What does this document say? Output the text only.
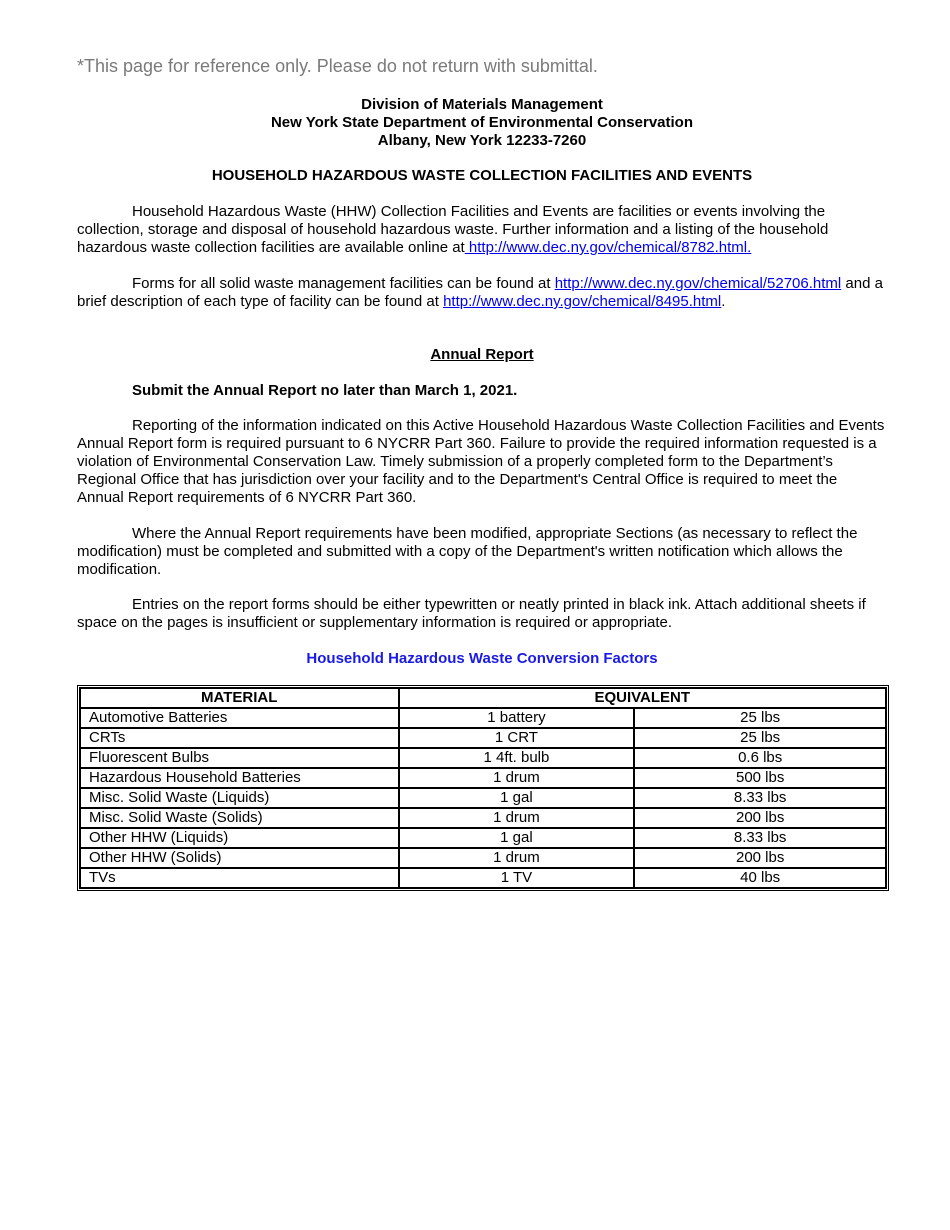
*This page for reference only. Please do not return with submittal.
Division of Materials Management
New York State Department of Environmental Conservation
Albany, New York 12233-7260
HOUSEHOLD HAZARDOUS WASTE COLLECTION FACILITIES AND EVENTS

Household Hazardous Waste (HHW) Collection Facilities and Events are facilities or events involving the collection, storage and disposal of household hazardous waste. Further information and a listing of the household hazardous waste collection facilities are available online at http://www.dec.ny.gov/chemical/8782.html.

Forms for all solid waste management facilities can be found at http://www.dec.ny.gov/chemical/52706.html and a brief description of each type of facility can be found at http://www.dec.ny.gov/chemical/8495.html.

Annual Report
Submit the Annual Report no later than March 1, 2021.

Reporting of the information indicated on this Active Household Hazardous Waste Collection Facilities and Events Annual Report form is required pursuant to 6 NYCRR Part 360. Failure to provide the required information requested is a violation of Environmental Conservation Law. Timely submission of a properly completed form to the Department’s Regional Office that has jurisdiction over your facility and to the Department's Central Office is required to meet the Annual Report requirements of 6 NYCRR Part 360.

Where the Annual Report requirements have been modified, appropriate Sections (as necessary to reflect the modification) must be completed and submitted with a copy of the Department's written notification which allows the modification.

Entries on the report forms should be either typewritten or neatly printed in black ink. Attach additional sheets if space on the pages is insufficient or supplementary information is required or appropriate.

Household Hazardous Waste Conversion Factors
MATERIAL	EQUIVALENT	
Automotive Batteries	1 battery	25 lbs
CRTs	1 CRT	25 lbs
Fluorescent Bulbs	1 4ft. bulb	0.6 lbs
Hazardous Household Batteries	1 drum	500 lbs
Misc. Solid Waste (Liquids)	1 gal	8.33 lbs
Misc. Solid Waste (Solids)	1 drum	200 lbs
Other HHW (Liquids)	1 gal	8.33 lbs
Other HHW (Solids)	1 drum	200 lbs
TVs	1 TV	40 lbs
